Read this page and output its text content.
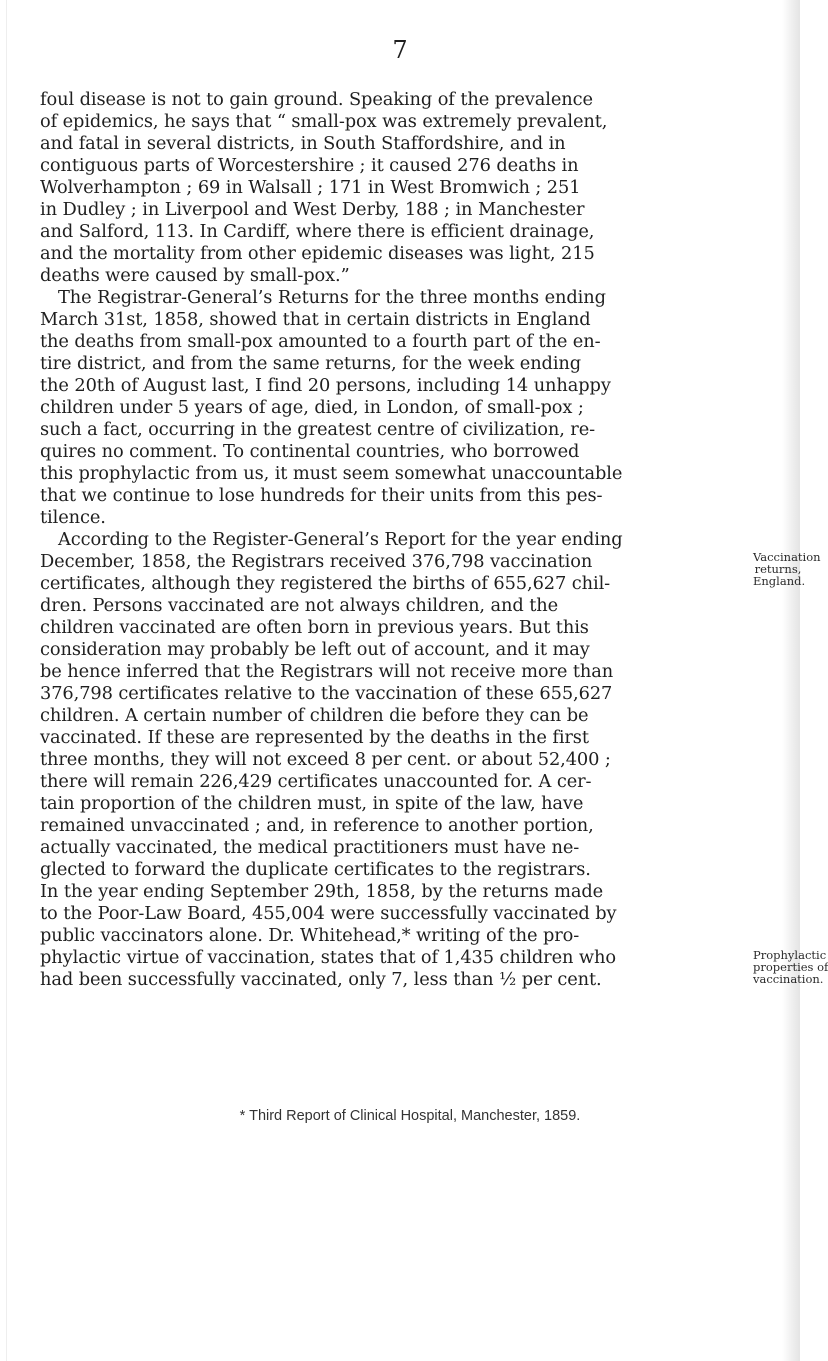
7
foul disease is not to gain ground. Speaking of the prevalence
of epidemics, he says that “ small-pox was extremely prevalent,
and fatal in several districts, in South Staffordshire, and in
contiguous parts of Worcestershire ; it caused 276 deaths in
Wolverhampton ; 69 in Walsall ; 171 in West Bromwich ; 251
in Dudley ; in Liverpool and West Derby, 188 ; in Manchester
and Salford, 113. In Cardiff, where there is efficient drainage,
and the mortality from other epidemic diseases was light, 215
deaths were caused by small-pox.”
The Registrar-General’s Returns for the three months ending
March 31st, 1858, showed that in certain districts in England
the deaths from small-pox amounted to a fourth part of the en-
tire district, and from the same returns, for the week ending
the 20th of August last, I find 20 persons, including 14 unhappy
children under 5 years of age, died, in London, of small-pox ;
such a fact, occurring in the greatest centre of civilization, re-
quires no comment. To continental countries, who borrowed
this prophylactic from us, it must seem somewhat unaccountable
that we continue to lose hundreds for their units from this pes-
tilence.
According to the Register-General’s Report for the year ending
December, 1858, the Registrars received 376,798 vaccination
certificates, although they registered the births of 655,627 chil-
dren. Persons vaccinated are not always children, and the
children vaccinated are often born in previous years. But this
consideration may probably be left out of account, and it may
be hence inferred that the Registrars will not receive more than
376,798 certificates relative to the vaccination of these 655,627
children. A certain number of children die before they can be
vaccinated. If these are represented by the deaths in the first
three months, they will not exceed 8 per cent. or about 52,400 ;
there will remain 226,429 certificates unaccounted for. A cer-
tain proportion of the children must, in spite of the law, have
remained unvaccinated ; and, in reference to another portion,
actually vaccinated, the medical practitioners must have ne-
glected to forward the duplicate certificates to the registrars.
In the year ending September 29th, 1858, by the returns made
to the Poor-Law Board, 455,004 were successfully vaccinated by
public vaccinators alone. Dr. Whitehead,* writing of the pro-
phylactic virtue of vaccination, states that of 1,435 children who
had been successfully vaccinated, only 7, less than ½ per cent.
Vaccination
returns,
England.
Prophylactic
properties of
vaccination.
* Third Report of Clinical Hospital, Manchester, 1859.
